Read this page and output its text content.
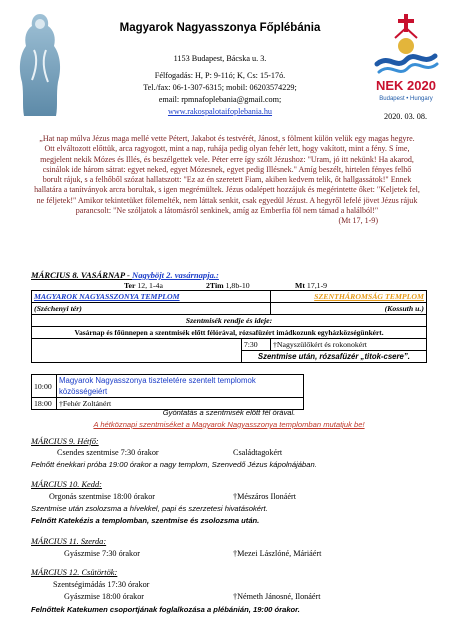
Magyarok Nagyasszonya Főplébánia
1153 Budapest, Bácska u. 3.
Félfogadás: H, P: 9-11ó; K, Cs: 15-17ó.
Tel./fax: 06-1-307-6315; mobil: 06203574229;
email: rpmnafoplebania@gmail.com;
www.rakospalotaifoplebania.hu
NEK 2020
Budapest • Hungary
2020. 03. 08.
„Hat nap múlva Jézus maga mellé vette Pétert, Jakabot és testvérét, Jánost, s fölment külön velük egy magas hegyre. Ott elváltozott előttük, arca ragyogott, mint a nap, ruhája pedig olyan fehér lett, hogy vakított, mint a fény. S íme, megjelent nekik Mózes és Illés, és beszélgettek vele. Péter erre így szólt Jézushoz: "Uram, jó itt nekünk! Ha akarod, csinálok ide három sátrat: egyet neked, egyet Mózesnek, egyet pedig Illésnek." Amíg beszélt, hirtelen fényes felhő borult rájuk, s a felhőből szózat hallatszott: "Ez az én szeretett Fiam, akiben kedvem telik, őt hallgassátok!" Ennek hallatára a tanítványok arcra borultak, s igen megrémültek. Jézus odalépett hozzájuk és megérintette őket: "Keljetek fel, ne féljetek!" Amikor tekintetüket fölemelték, nem láttak senkit, csak egyedül Jézust. A hegyről lefelé jövet Jézus rájuk parancsolt: "Ne szóljatok a látomásról senkinek, amíg az Emberfia föl nem támad a halálból!"
(Mt 17, 1-9)
MÁRCIUS 8. VASÁRNAP - Nagyböjt 2. vasárnapja.:
Ter 12, 1-4a	2Tim 1,8b-10	Mt 17,1-9
MAGYAROK NAGYASSZONYA TEMPLOM		SZENTHÁROMSÁG TEMPLOM
(Széchenyi tér)		(Kossuth u.)
Szentmisék rendje és ideje:		
Vasárnap és főünnepen a szentmisék előtt félórával, rózsafüzért imádkozunk egyházközségünkért.		
	7:30	†Nagyszülőkért és rokonokért
	Szentmise után, rózsafüzér „titok-csere”.	
10:00	Magyarok Nagyasszonya tiszteletére szentelt templomok közösségeiért
18:00	†Fehér Zoltánért
Gyóntatás a szentmisék előtt fél órával.
A hétköznapi szentmiséket a Magyarok Nagyasszonya templomban mutatjuk be!
MÁRCIUS 9. Hétfő:
Csendes szentmise 7:30 órakor	Családtagokért
Felnőtt énekkari próba 19:00 órakor a nagy templom, Szenvedő Jézus kápolnájában.
MÁRCIUS 10. Kedd:
Orgonás szentmise 18:00 órakor	†Mészáros Ilonáért
Szentmise után zsolozsma a hívekkel, papi és szerzetesi hivatásokért.
Felnőtt Katekézis a templomban, szentmise és zsolozsma után.
MÁRCIUS 11. Szerda:
Gyászmise 7:30 órakor	†Mezei Lászlóné, Máriáért
MÁRCIUS 12. Csütörtök:
Szentségimádás 17:30 órakor
Gyászmise 18:00 órakor	†Németh Jánosné, Ilonáért
Felnőttek Katekumen csoportjának foglalkozása a plébánián, 19:00 órakor.
